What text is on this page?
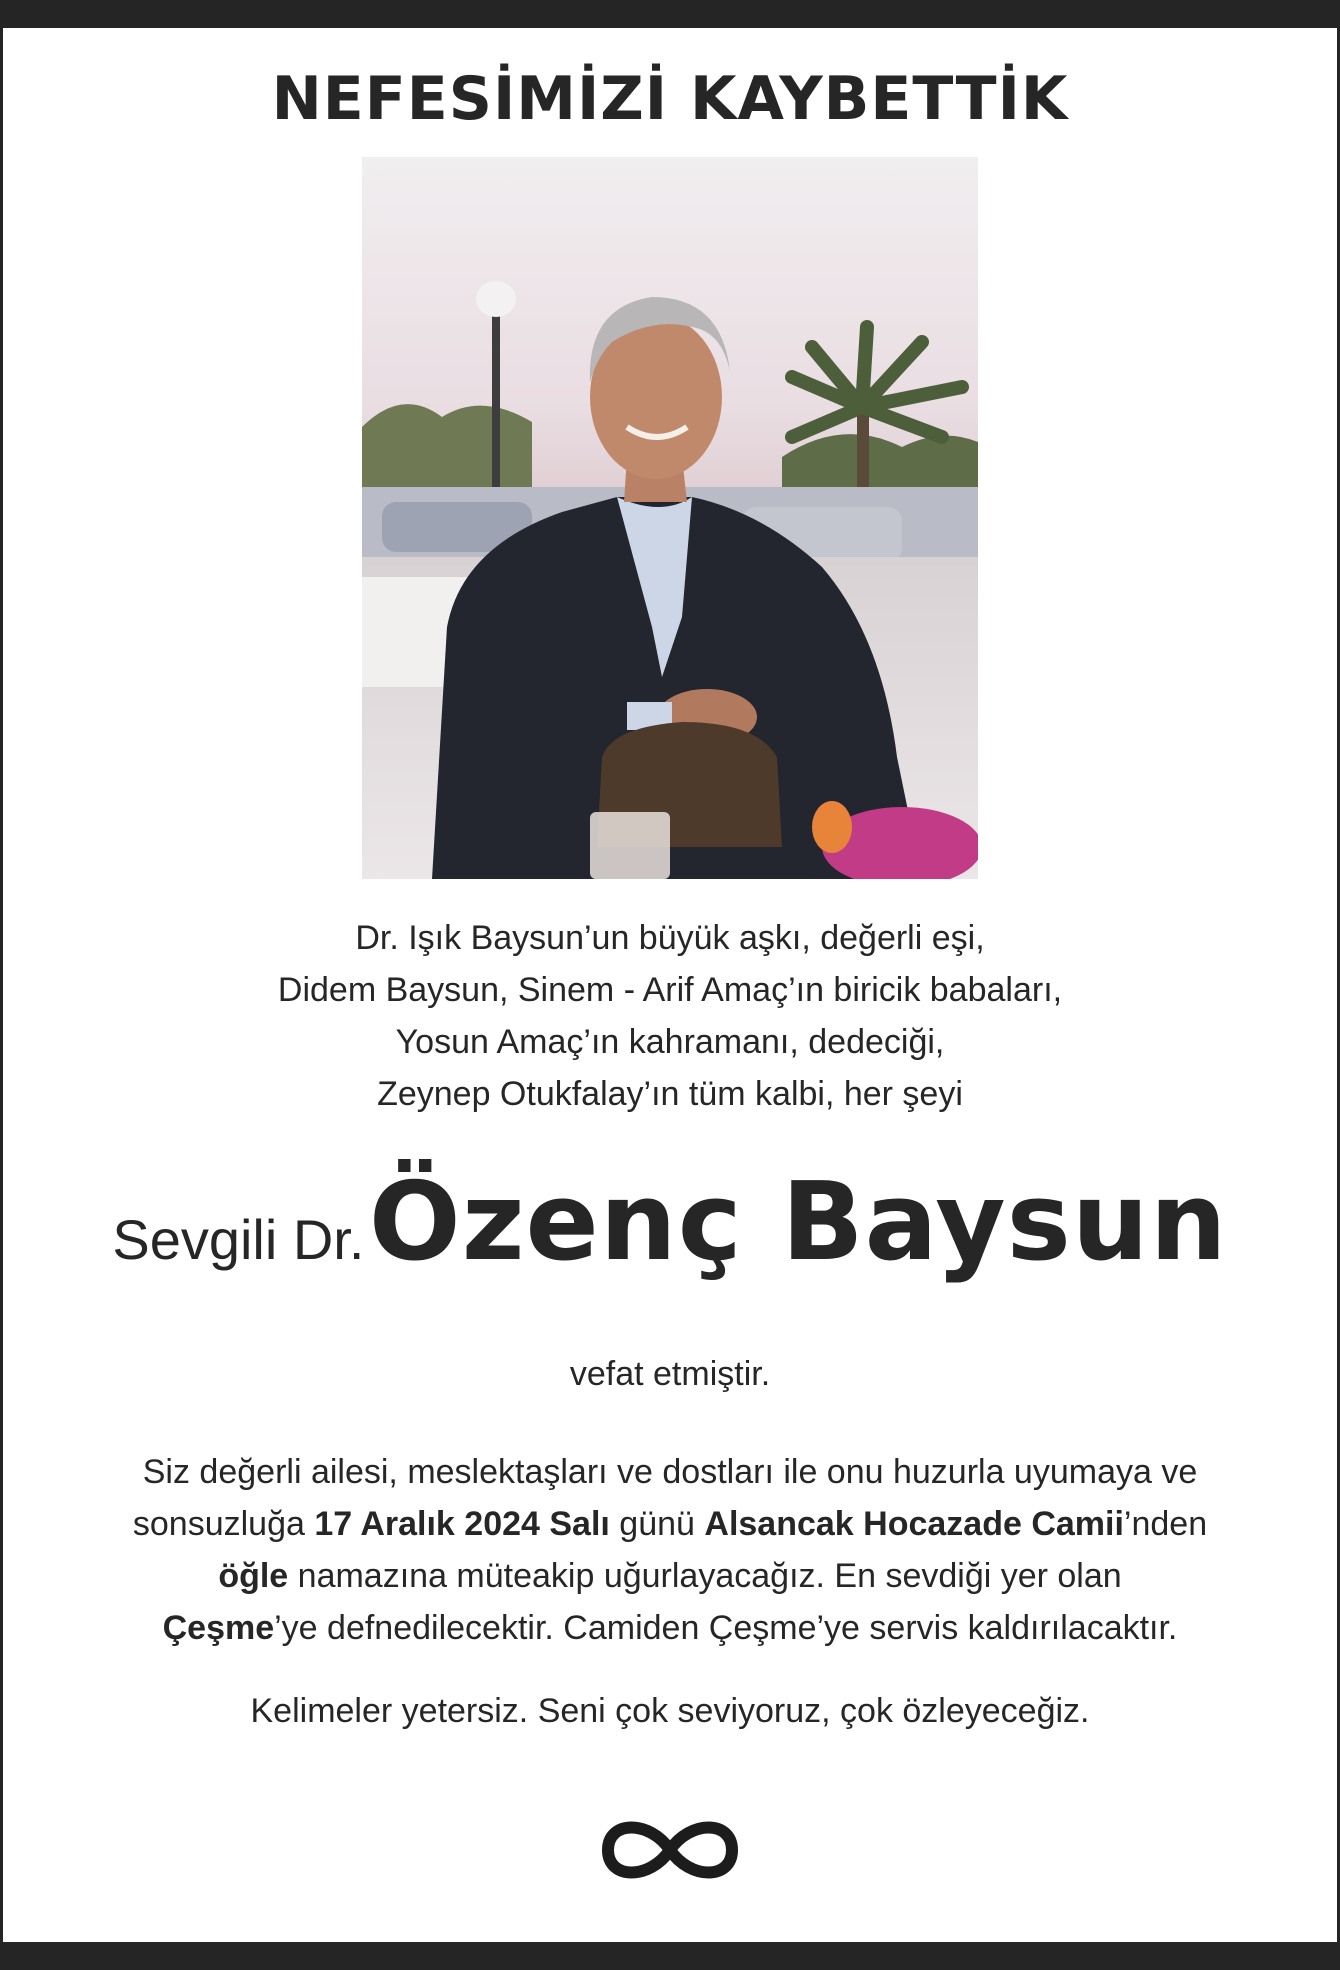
NEFESİMİZİ KAYBETTİK
Dr. Işık Baysun’un büyük aşkı, değerli eşi,
Didem Baysun, Sinem - Arif Amaç’ın biricik babaları,
Yosun Amaç’ın kahramanı, dedeciği,
Zeynep Otukfalay’ın tüm kalbi, her şeyi
Sevgili Dr. Özenç Baysun
vefat etmiştir.
Siz değerli ailesi, meslektaşları ve dostları ile onu huzurla uyumaya ve
sonsuzluğa 17 Aralık 2024 Salı günü Alsancak Hocazade Camii’nden
öğle namazına müteakip uğurlayacağız. En sevdiği yer olan
Çeşme’ye defnedilecektir. Camiden Çeşme’ye servis kaldırılacaktır.
Kelimeler yetersiz. Seni çok seviyoruz, çok özleyeceğiz.
